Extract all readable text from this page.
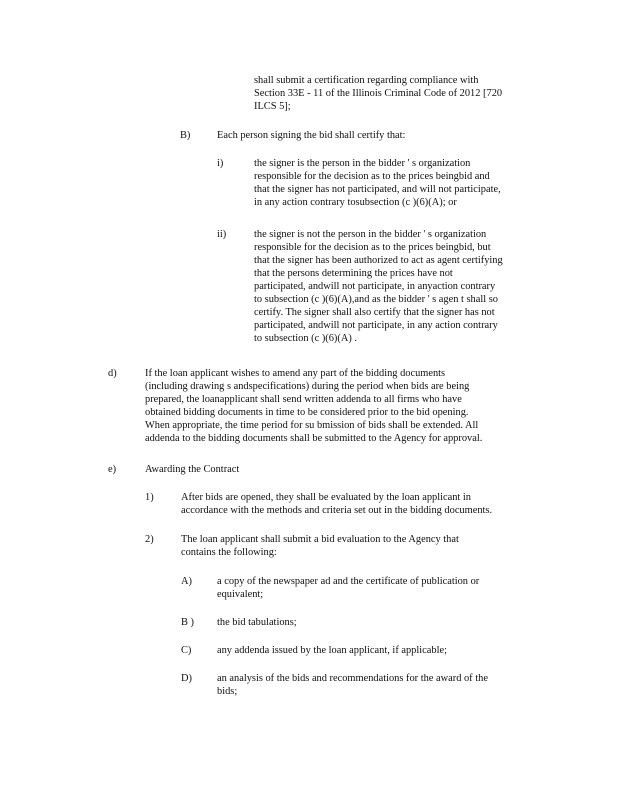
shall submit a certification regarding compliance with
Section 33E - 11 of the Illinois Criminal Code of 2012 [720
ILCS 5];
B)	Each person signing the bid shall certify that:
i)	the signer is the person in the bidder ' s organization
responsible for the decision as to the prices beingbid and
that the signer has not participated, and will not participate,
in any action contrary tosubsection (c )(6)(A); or
ii)	the signer is not the person in the bidder ' s organization
responsible for the decision as to the prices beingbid, but
that the signer has been authorized to act as agent certifying
that the persons determining the prices have not
participated, andwill not participate, in anyaction contrary
to subsection (c )(6)(A),and as the bidder ' s agen t shall so
certify. The signer shall also certify that the signer has not
participated, andwill not participate, in any action contrary
to subsection (c )(6)(A) .
d)	If the loan applicant wishes to amend any part of the bidding documents
(including drawing s andspecifications) during the period when bids are being
prepared, the loanapplicant shall send written addenda to all firms who have
obtained bidding documents in time to be considered prior to the bid opening.
When appropriate, the time period for su bmission of bids shall be extended. All
addenda to the bidding documents shall be submitted to the Agency for approval.
e)	Awarding the Contract
1)	After bids are opened, they shall be evaluated by the loan applicant in
accordance with the methods and criteria set out in the bidding documents.
2)	The loan applicant shall submit a bid evaluation to the Agency that
contains the following:
A) a copy of the newspaper ad and the certificate of publication or
equivalent;
B ) the bid tabulations;
C) any addenda issued by the loan applicant, if applicable;
D) an analysis of the bids and recommendations for the award of the
bids;
